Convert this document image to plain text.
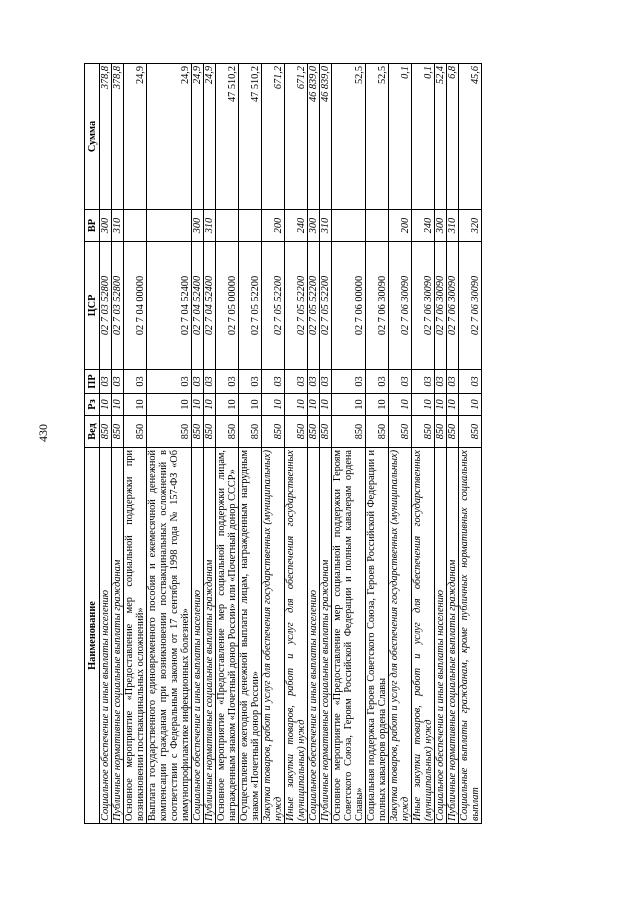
430
Наименование	Вед	Рз	ПР	ЦСР	ВР	Сумма
Социальное обеспечение и иные выплаты населению	850	10	03	02 7 03 52800	300	378,8
Публичные нормативные социальные выплаты гражданам	850	10	03	02 7 03 52800	310	378,8
Основное мероприятие «Предоставление мер социальной поддержки при возникновении поствакцинальных осложнений»	850	10	03	02 7 04 00000		24,9
Выплата государственного единовременного пособия и ежемесячной денежной компенсации гражданам при возникновении поствакцинальных осложнений в соответствии с Федеральным законом от 17 сентября 1998 года № 157-ФЗ «Об иммунопрофилактике инфекционных болезней»	850	10	03	02 7 04 52400		24,9
Социальное обеспечение и иные выплаты населению	850	10	03	02 7 04 52400	300	24,9
Публичные нормативные социальные выплаты гражданам	850	10	03	02 7 04 52400	310	24,9
Основное мероприятие «Предоставление мер социальной поддержки лицам, награжденным знаком «Почетный донор России» или «Почетный донор СССР»	850	10	03	02 7 05 00000		47 510,2
Осуществление ежегодной денежной выплаты лицам, награжденным нагрудным знаком «Почетный донор России»	850	10	03	02 7 05 52200		47 510,2
Закупка товаров, работ и услуг для обеспечения государственных (муниципальных) нужд	850	10	03	02 7 05 52200	200	671,2
Иные закупки товаров, работ и услуг для обеспечения государственных (муниципальных) нужд	850	10	03	02 7 05 52200	240	671,2
Социальное обеспечение и иные выплаты населению	850	10	03	02 7 05 52200	300	46 839,0
Публичные нормативные социальные выплаты гражданам	850	10	03	02 7 05 52200	310	46 839,0
Основное мероприятие «Предоставление мер социальной поддержки Героям Советского Союза, Героям Российской Федерации и полным кавалерам ордена Славы»	850	10	03	02 7 06 00000		52,5
Социальная поддержка Героев Советского Союза, Героев Российской Федерации и полных кавалеров ордена Славы	850	10	03	02 7 06 30090		52,5
Закупка товаров, работ и услуг для обеспечения государственных (муниципальных) нужд	850	10	03	02 7 06 30090	200	0,1
Иные закупки товаров, работ и услуг для обеспечения государственных (муниципальных) нужд	850	10	03	02 7 06 30090	240	0,1
Социальное обеспечение и иные выплаты населению	850	10	03	02 7 06 30090	300	52,4
Публичные нормативные социальные выплаты гражданам	850	10	03	02 7 06 30090	310	6,8
Социальные выплаты гражданам, кроме публичных нормативных социальных выплат	850	10	03	02 7 06 30090	320	45,6
